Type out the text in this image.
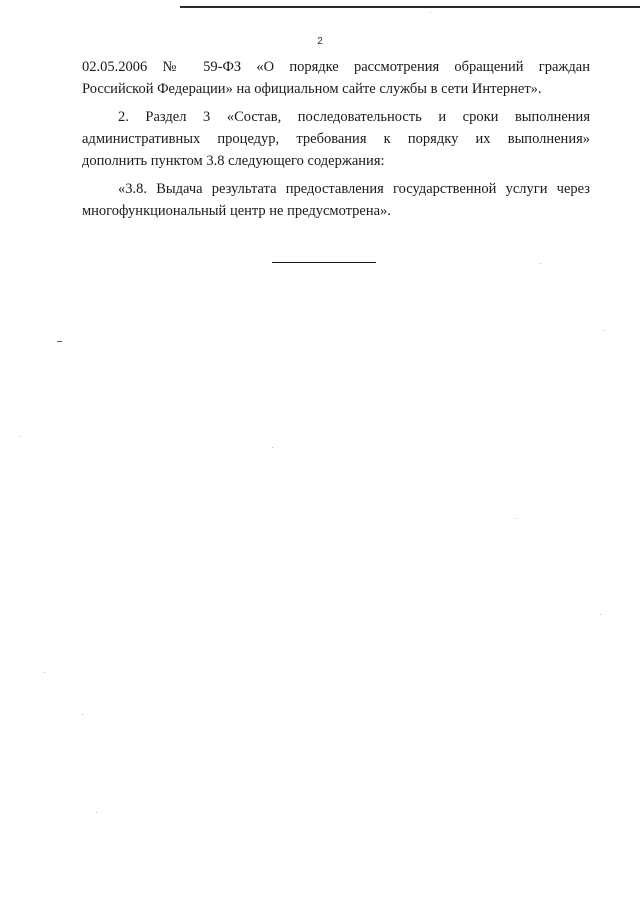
2
02.05.2006 № 59-ФЗ «О порядке рассмотрения обращений граждан
Российской Федерации» на официальном сайте службы в сети Интернет».
2. Раздел 3 «Состав, последовательность и сроки выполнения
административных процедур, требования к порядку их выполнения»
дополнить пунктом 3.8 следующего содержания:
«3.8. Выдача результата предоставления государственной услуги через
многофункциональный центр не предусмотрена».
